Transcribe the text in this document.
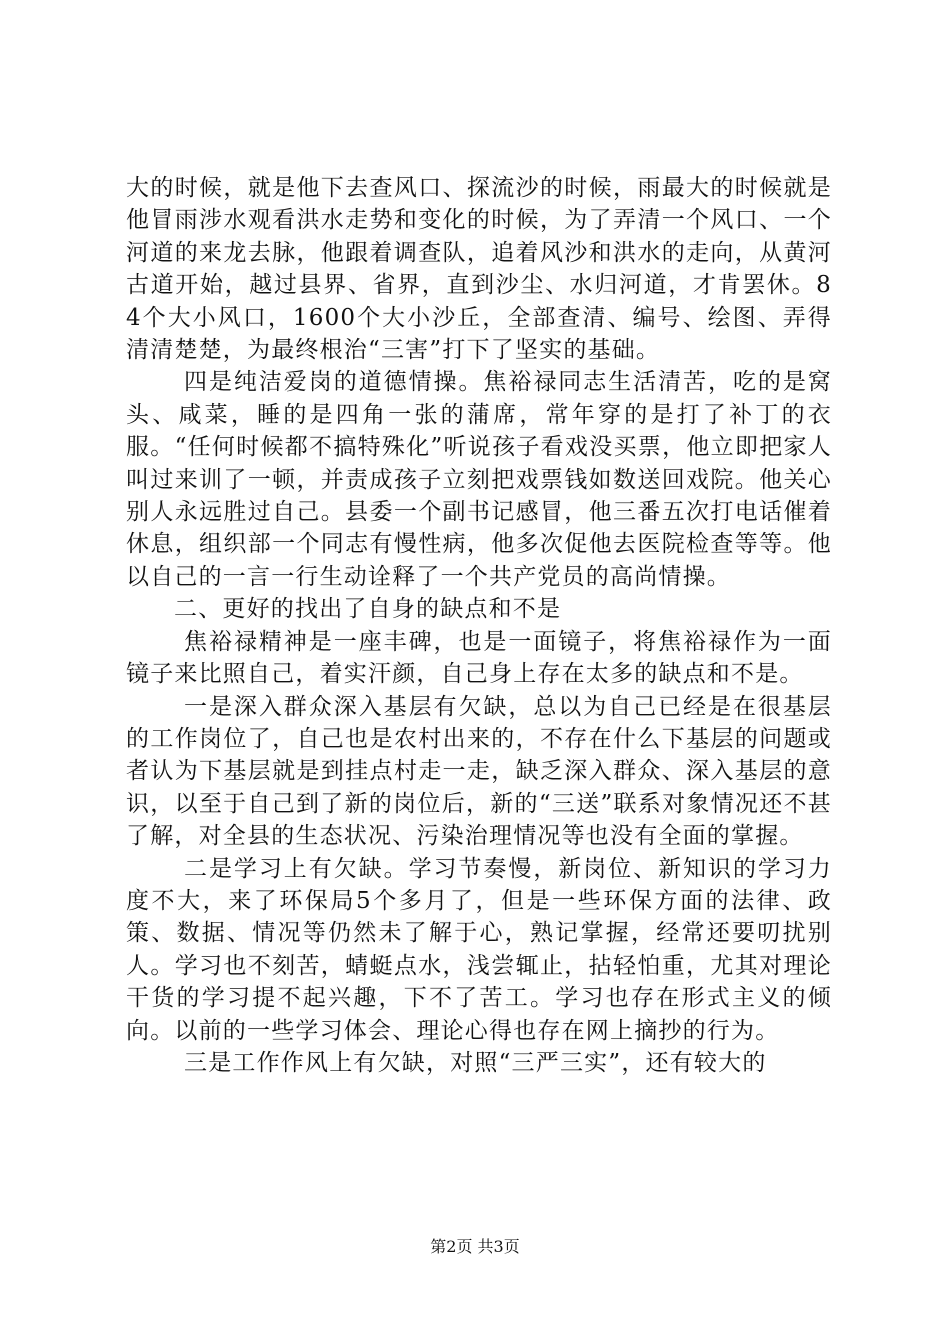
大的时候，就是他下去查风口、探流沙的时候，雨最大的时候就是他冒雨涉水观看洪水走势和变化的时候，为了弄清一个风口、一个河道的来龙去脉，他跟着调查队，追着风沙和洪水的走向，从黄河古道开始，越过县界、省界，直到沙尘、水归河道，才肯罢休。84个大小风口，1600个大小沙丘，全部查清、编号、绘图、弄得清清楚楚，为最终根治“三害”打下了坚实的基础。

四是纯洁爱岗的道德情操。焦裕禄同志生活清苦，吃的是窝头、咸菜，睡的是四角一张的蒲席，常年穿的是打了补丁的衣服。“任何时候都不搞特殊化”听说孩子看戏没买票，他立即把家人叫过来训了一顿，并责成孩子立刻把戏票钱如数送回戏院。他关心别人永远胜过自己。县委一个副书记感冒，他三番五次打电话催着休息，组织部一个同志有慢性病，他多次促他去医院检查等等。他以自己的一言一行生动诠释了一个共产党员的高尚情操。

二、更好的找出了自身的缺点和不是

焦裕禄精神是一座丰碑，也是一面镜子，将焦裕禄作为一面镜子来比照自己，着实汗颜，自己身上存在太多的缺点和不是。

一是深入群众深入基层有欠缺，总以为自己已经是在很基层的工作岗位了，自己也是农村出来的，不存在什么下基层的问题或者认为下基层就是到挂点村走一走，缺乏深入群众、深入基层的意识，以至于自己到了新的岗位后，新的“三送”联系对象情况还不甚了解，对全县的生态状况、污染治理情况等也没有全面的掌握。

二是学习上有欠缺。学习节奏慢，新岗位、新知识的学习力度不大，来了环保局5个多月了，但是一些环保方面的法律、政策、数据、情况等仍然未了解于心，熟记掌握，经常还要叨扰别人。学习也不刻苦，蜻蜓点水，浅尝辄止，拈轻怕重，尤其对理论干货的学习提不起兴趣，下不了苦工。学习也存在形式主义的倾向。以前的一些学习体会、理论心得也存在网上摘抄的行为。

三是工作作风上有欠缺，对照“三严三实”，还有较大的

第2页 共3页
